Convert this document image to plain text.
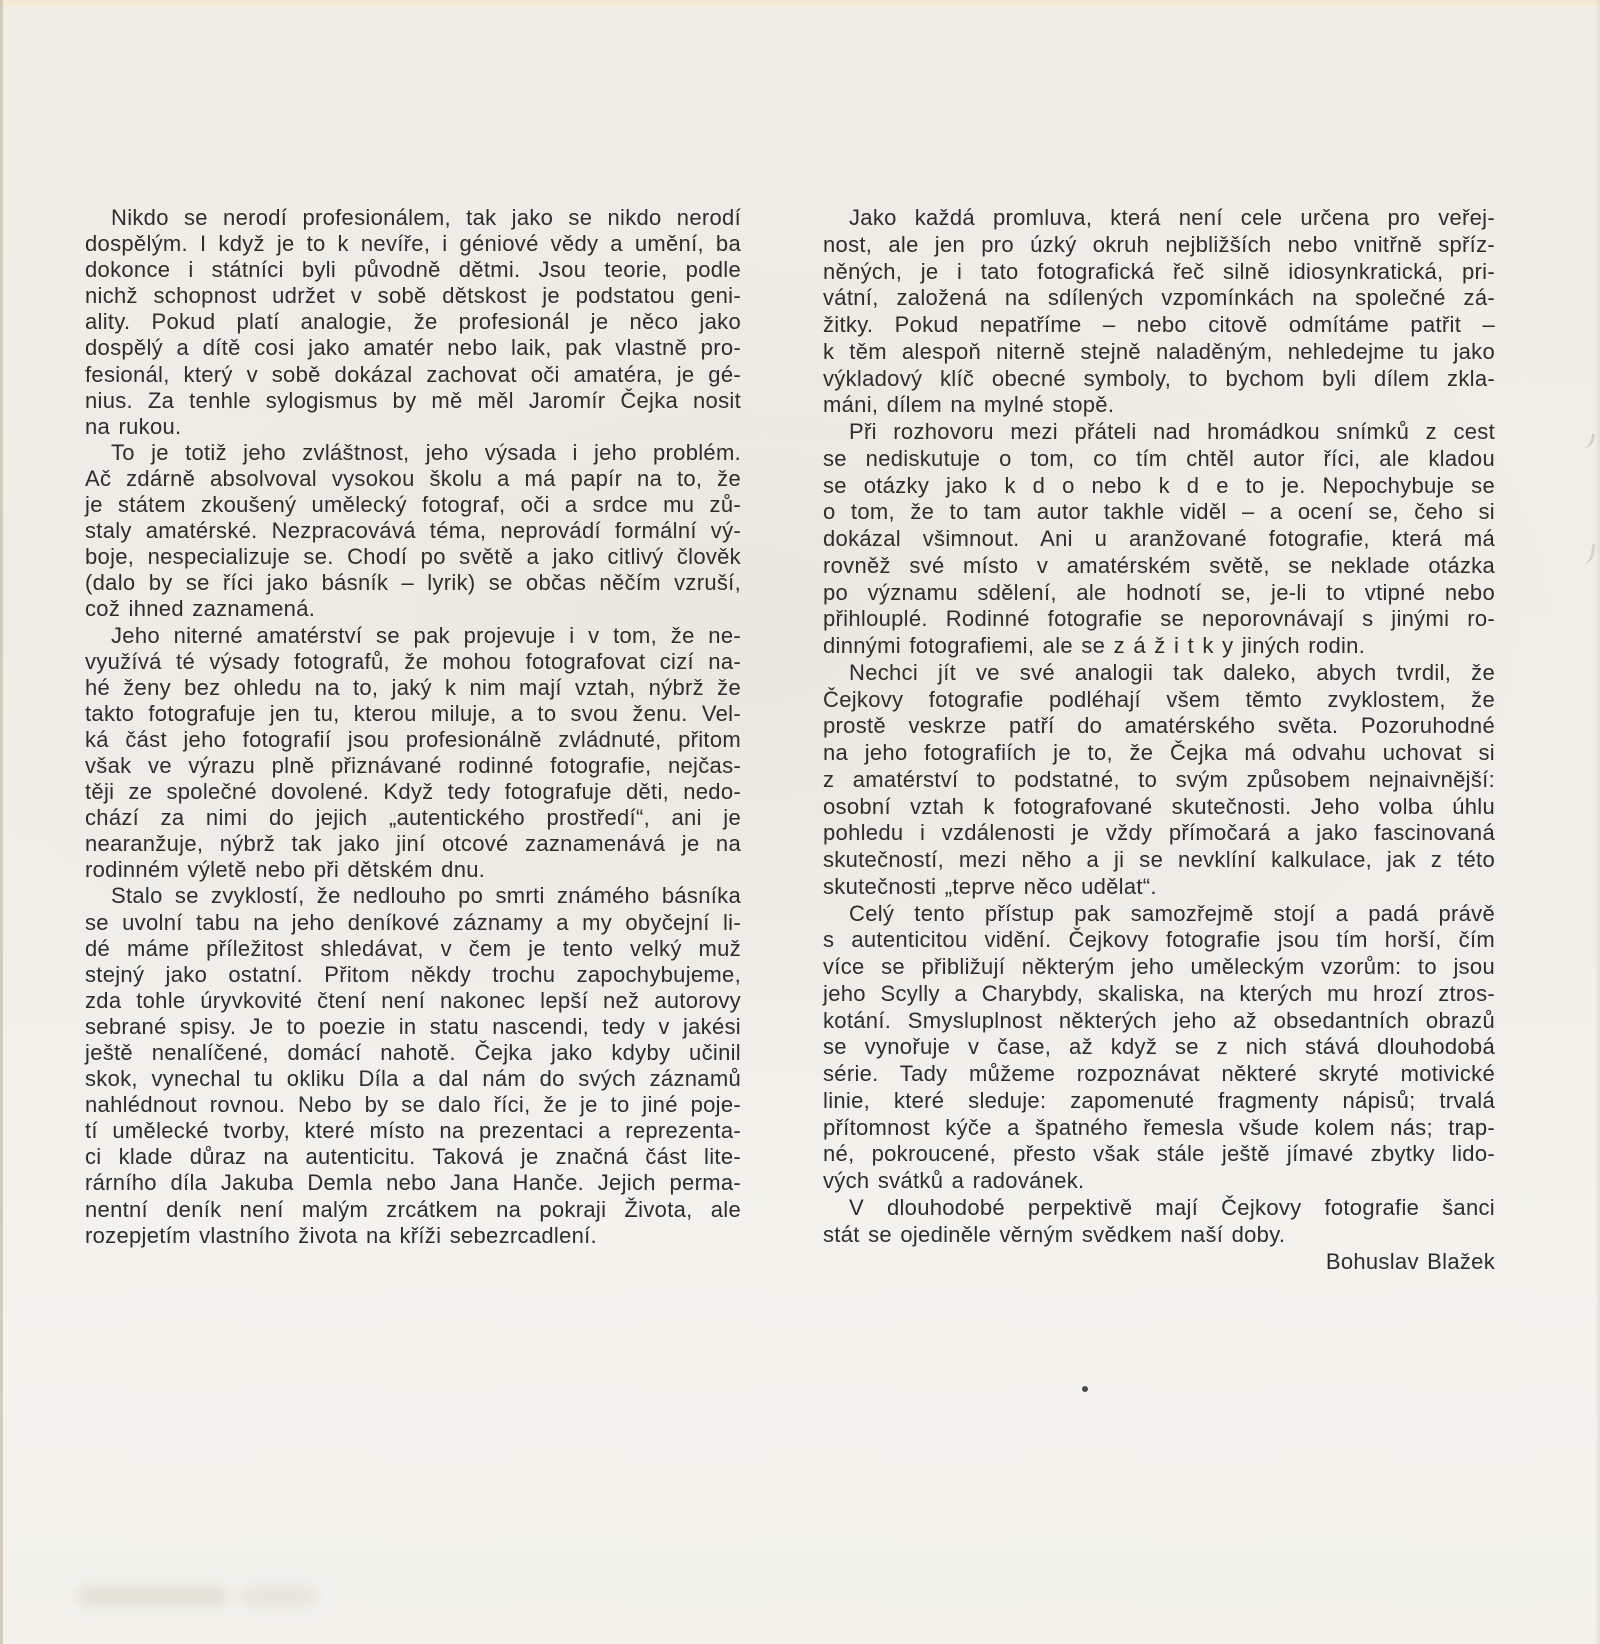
Nikdo se nerodí profesionálem, tak jako se nikdo nerodí
dospělým. I když je to k nevíře, i géniové vědy a umění, ba
dokonce i státníci byli původně dětmi. Jsou teorie, podle
nichž schopnost udržet v sobě dětskost je podstatou geni-
ality. Pokud platí analogie, že profesionál je něco jako
dospělý a dítě cosi jako amatér nebo laik, pak vlastně pro-
fesionál, který v sobě dokázal zachovat oči amatéra, je gé-
nius. Za tenhle sylogismus by mě měl Jaromír Čejka nosit
na rukou.
To je totiž jeho zvláštnost, jeho výsada i jeho problém.
Ač zdárně absolvoval vysokou školu a má papír na to, že
je státem zkoušený umělecký fotograf, oči a srdce mu zů-
staly amatérské. Nezpracovává téma, neprovádí formální vý-
boje, nespecializuje se. Chodí po světě a jako citlivý člověk
(dalo by se říci jako básník – lyrik) se občas něčím vzruší,
což ihned zaznamená.
Jeho niterné amatérství se pak projevuje i v tom, že ne-
využívá té výsady fotografů, že mohou fotografovat cizí na-
hé ženy bez ohledu na to, jaký k nim mají vztah, nýbrž že
takto fotografuje jen tu, kterou miluje, a to svou ženu. Vel-
ká část jeho fotografií jsou profesionálně zvládnuté, přitom
však ve výrazu plně přiznávané rodinné fotografie, nejčas-
těji ze společné dovolené. Když tedy fotografuje děti, nedo-
chází za nimi do jejich „autentického prostředí“, ani je
nearanžuje, nýbrž tak jako jiní otcové zaznamenává je na
rodinném výletě nebo při dětském dnu.
Stalo se zvyklostí, že nedlouho po smrti známého básníka
se uvolní tabu na jeho deníkové záznamy a my obyčejní li-
dé máme příležitost shledávat, v čem je tento velký muž
stejný jako ostatní. Přitom někdy trochu zapochybujeme,
zda tohle úryvkovité čtení není nakonec lepší než autorovy
sebrané spisy. Je to poezie in statu nascendi, tedy v jakési
ještě nenalíčené, domácí nahotě. Čejka jako kdyby učinil
skok, vynechal tu okliku Díla a dal nám do svých záznamů
nahlédnout rovnou. Nebo by se dalo říci, že je to jiné poje-
tí umělecké tvorby, které místo na prezentaci a reprezenta-
ci klade důraz na autenticitu. Taková je značná část lite-
rárního díla Jakuba Demla nebo Jana Hanče. Jejich perma-
nentní deník není malým zrcátkem na pokraji Života, ale
rozepjetím vlastního života na kříži sebezrcadlení.
Jako každá promluva, která není cele určena pro veřej-
nost, ale jen pro úzký okruh nejbližších nebo vnitřně spříz-
něných, je i tato fotografická řeč silně idiosynkratická, pri-
vátní, založená na sdílených vzpomínkách na společné zá-
žitky. Pokud nepatříme – nebo citově odmítáme patřit –
k těm alespoň niterně stejně naladěným, nehledejme tu jako
výkladový klíč obecné symboly, to bychom byli dílem zkla-
máni, dílem na mylné stopě.
Při rozhovoru mezi přáteli nad hromádkou snímků z cest
se nediskutuje o tom, co tím chtěl autor říci, ale kladou
se otázky jako k d o nebo k d e to je. Nepochybuje se
o tom, že to tam autor takhle viděl – a ocení se, čeho si
dokázal všimnout. Ani u aranžované fotografie, která má
rovněž své místo v amatérském světě, se neklade otázka
po významu sdělení, ale hodnotí se, je-li to vtipné nebo
přihlouplé. Rodinné fotografie se neporovnávají s jinými ro-
dinnými fotografiemi, ale se z á ž i t k y jiných rodin.
Nechci jít ve své analogii tak daleko, abych tvrdil, že
Čejkovy fotografie podléhají všem těmto zvyklostem, že
prostě veskrze patří do amatérského světa. Pozoruhodné
na jeho fotografiích je to, že Čejka má odvahu uchovat si
z amatérství to podstatné, to svým způsobem nejnaivnější:
osobní vztah k fotografované skutečnosti. Jeho volba úhlu
pohledu i vzdálenosti je vždy přímočará a jako fascinovaná
skutečností, mezi něho a ji se nevklíní kalkulace, jak z této
skutečnosti „teprve něco udělat“.
Celý tento přístup pak samozřejmě stojí a padá právě
s autenticitou vidění. Čejkovy fotografie jsou tím horší, čím
více se přibližují některým jeho uměleckým vzorům: to jsou
jeho Scylly a Charybdy, skaliska, na kterých mu hrozí ztros-
kotání. Smysluplnost některých jeho až obsedantních obrazů
se vynořuje v čase, až když se z nich stává dlouhodobá
série. Tady můžeme rozpoznávat některé skryté motivické
linie, které sleduje: zapomenuté fragmenty nápisů; trvalá
přítomnost kýče a špatného řemesla všude kolem nás; trap-
né, pokroucené, přesto však stále ještě jímavé zbytky lido-
vých svátků a radovánek.
V dlouhodobé perpektivě mají Čejkovy fotografie šanci
stát se ojediněle věrným svědkem naší doby.
Bohuslav Blažek
